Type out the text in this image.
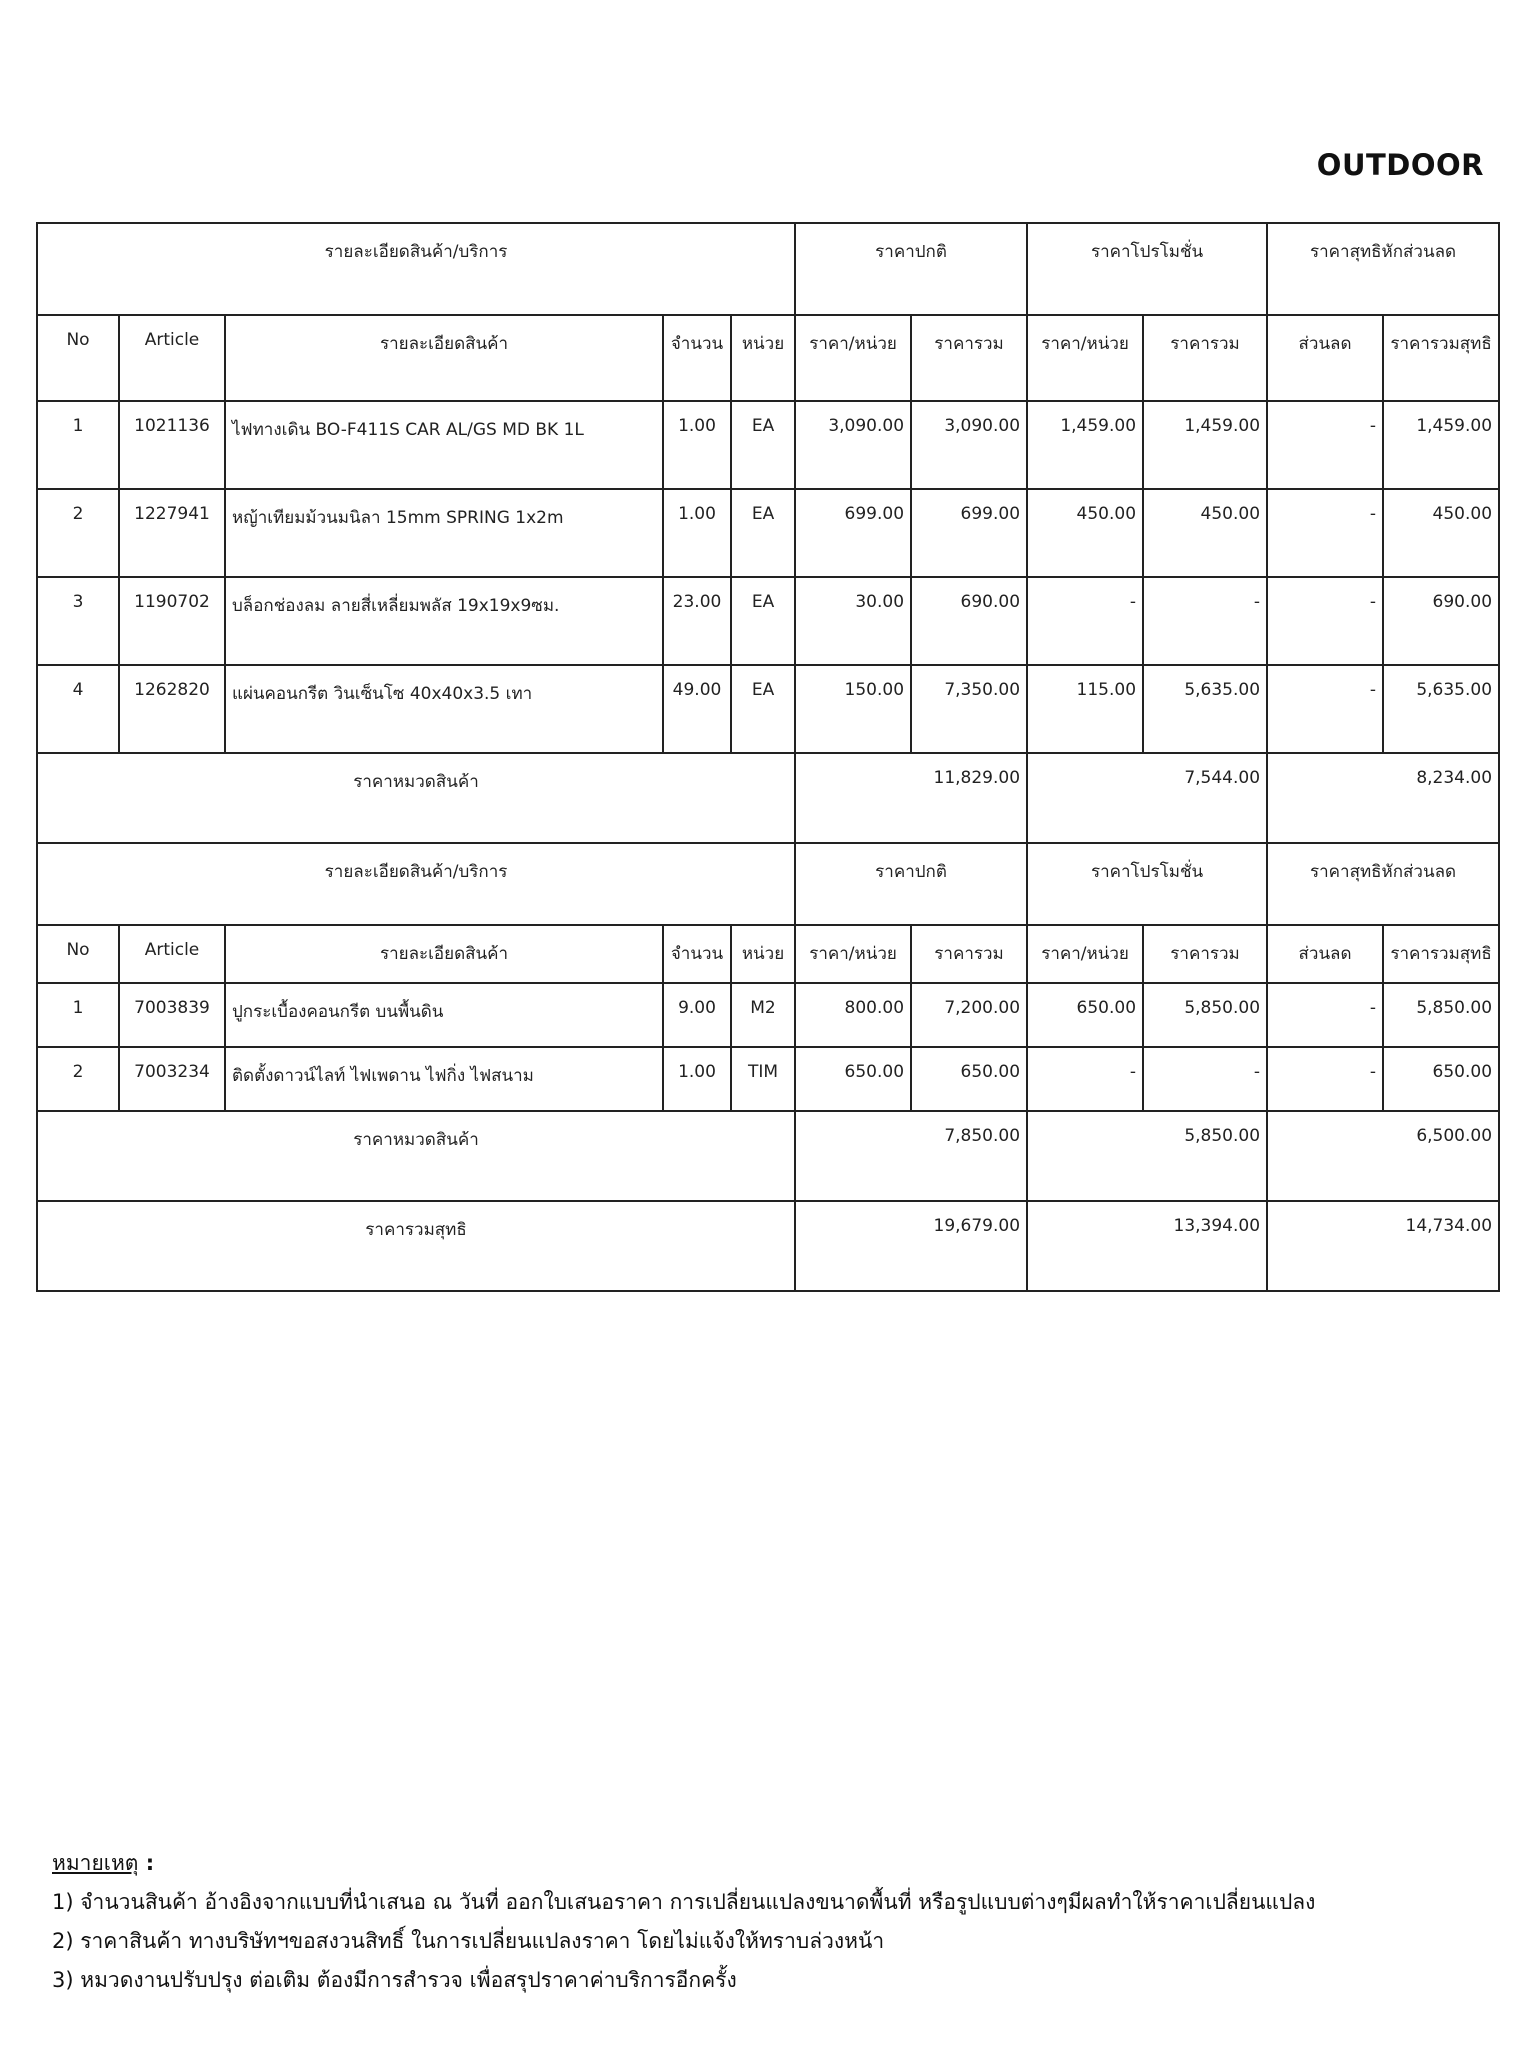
OUTDOOR
รายละเอียดสินค้า/บริการ					ราคาปกติ		ราคาโปรโมชั่น		ราคาสุทธิหักส่วนลด	
No	Article	รายละเอียดสินค้า	จำนวน	หน่วย	ราคา/หน่วย	ราคารวม	ราคา/หน่วย	ราคารวม	ส่วนลด	ราคารวมสุทธิ
1	1021136	ไฟทางเดิน BO-F411S CAR AL/GS MD BK 1L	1.00	EA	3,090.00	3,090.00	1,459.00	1,459.00	-	1,459.00
2	1227941	หญ้าเทียมม้วนมนิลา 15mm SPRING 1x2m	1.00	EA	699.00	699.00	450.00	450.00	-	450.00
3	1190702	บล็อกช่องลม ลายสี่เหลี่ยมพลัส 19x19x9ซม.	23.00	EA	30.00	690.00	-	-	-	690.00
4	1262820	แผ่นคอนกรีต วินเซ็นโซ 40x40x3.5 เทา	49.00	EA	150.00	7,350.00	115.00	5,635.00	-	5,635.00
ราคาหมวดสินค้า					11,829.00		7,544.00		8,234.00	
รายละเอียดสินค้า/บริการ					ราคาปกติ		ราคาโปรโมชั่น		ราคาสุทธิหักส่วนลด	
No	Article	รายละเอียดสินค้า	จำนวน	หน่วย	ราคา/หน่วย	ราคารวม	ราคา/หน่วย	ราคารวม	ส่วนลด	ราคารวมสุทธิ
1	7003839	ปูกระเบื้องคอนกรีต บนพื้นดิน	9.00	M2	800.00	7,200.00	650.00	5,850.00	-	5,850.00
2	7003234	ติดตั้งดาวน์ไลท์ ไฟเพดาน ไฟกิ่ง ไฟสนาม	1.00	TIM	650.00	650.00	-	-	-	650.00
ราคาหมวดสินค้า					7,850.00		5,850.00		6,500.00	
ราคารวมสุทธิ					19,679.00		13,394.00		14,734.00	
หมายเหตุ :
1) จำนวนสินค้า อ้างอิงจากแบบที่นำเสนอ ณ วันที่ ออกใบเสนอราคา การเปลี่ยนแปลงขนาดพื้นที่ หรือรูปแบบต่างๆมีผลทำให้ราคาเปลี่ยนแปลง
2) ราคาสินค้า ทางบริษัทฯขอสงวนสิทธิ์ ในการเปลี่ยนแปลงราคา โดยไม่แจ้งให้ทราบล่วงหน้า
3) หมวดงานปรับปรุง ต่อเติม ต้องมีการสำรวจ เพื่อสรุปราคาค่าบริการอีกครั้ง
